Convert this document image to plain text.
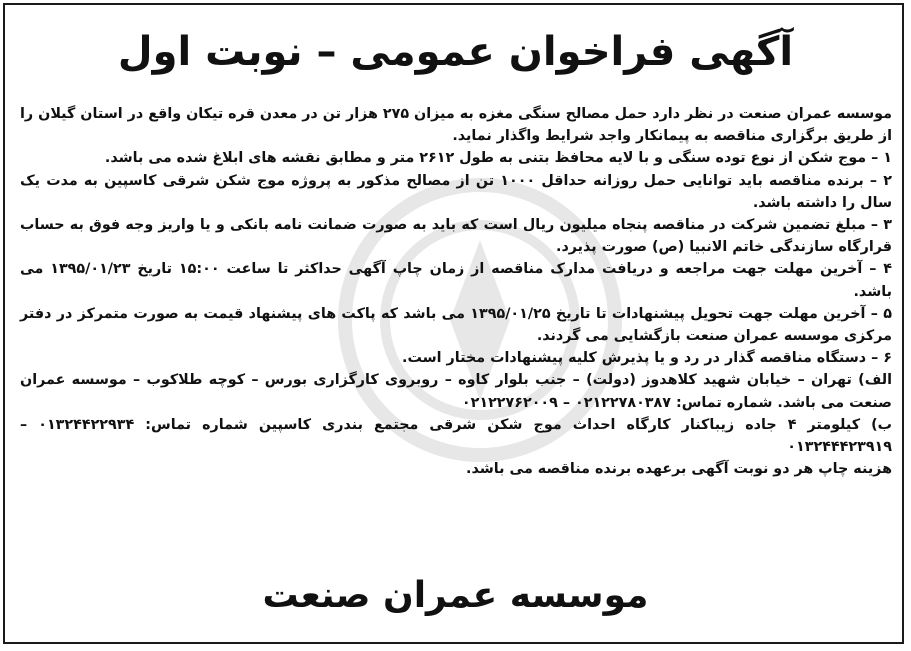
آگهی فراخوان عمومی – نوبت اول

موسسه عمران صنعت در نظر دارد حمل مصالح سنگی مغزه به میزان ۲۷۵ هزار تن در معدن قره تیکان واقع در استان گیلان را از طریق برگزاری مناقصه به پیمانکار واجد شرایط واگذار نماید.

۱ – موج شکن از نوع توده سنگی و با لایه محافظ بتنی به طول ۲۶۱۲ متر و مطابق نقشه های ابلاغ شده می باشد.

۲ – برنده مناقصه باید توانایی حمل روزانه حداقل ۱۰۰۰ تن از مصالح مذکور به پروژه موج شکن شرقی کاسپین به مدت یک سال را داشته باشد.

۳ – مبلغ تضمین شرکت در مناقصه پنجاه میلیون ریال است که باید به صورت ضمانت نامه بانکی و یا واریز وجه فوق به حساب قرارگاه سازندگی خاتم الانبیا (ص) صورت پذیرد.

۴ – آخرین مهلت جهت مراجعه و دریافت مدارک مناقصه از زمان چاپ آگهی حداکثر تا ساعت ۱۵:۰۰ تاریخ ۱۳۹۵/۰۱/۲۳ می باشد.

۵ – آخرین مهلت جهت تحویل پیشنهادات تا تاریخ ۱۳۹۵/۰۱/۲۵ می باشد که پاکت های پیشنهاد قیمت به صورت متمرکز در دفتر مرکزی موسسه عمران صنعت بازگشایی می گردند.

۶ – دستگاه مناقصه گذار در رد و یا پذیرش کلیه پیشنهادات مختار است.

الف) تهران – خیابان شهید کلاهدوز (دولت) – جنب بلوار کاوه – روبروی کارگزاری بورس – کوچه طلاکوب – موسسه عمران صنعت می باشد. شماره تماس: ۰۲۱۲۲۷۸۰۳۸۷ – ۰۲۱۲۲۷۶۲۰۰۹

ب) کیلومتر ۴ جاده زیباکنار کارگاه احداث موج شکن شرقی مجتمع بندری کاسپین شماره تماس: ۰۱۳۲۴۴۲۲۹۳۴ – ۰۱۳۲۴۴۴۲۳۹۱۹

هزینه چاپ هر دو نوبت آگهی برعهده برنده مناقصه می باشد.

موسسه عمران صنعت
